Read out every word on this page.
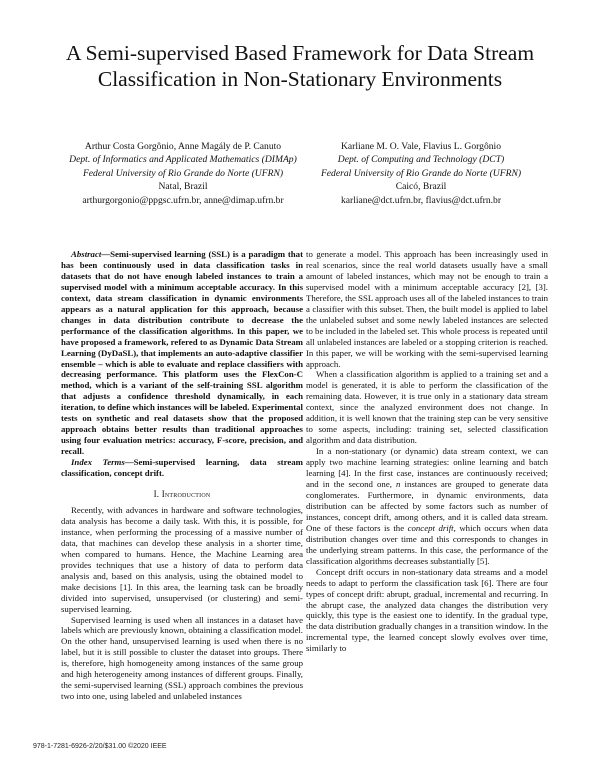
A Semi-supervised Based Framework for Data Stream Classification in Non-Stationary Environments
Arthur Costa Gorgônio, Anne Magály de P. Canuto
Dept. of Informatics and Applicated Mathematics (DIMAp)
Federal University of Rio Grande do Norte (UFRN)
Natal, Brazil
arthurgorgonio@ppgsc.ufrn.br, anne@dimap.ufrn.br
Karliane M. O. Vale, Flavius L. Gorgônio
Dept. of Computing and Technology (DCT)
Federal University of Rio Grande do Norte (UFRN)
Caicó, Brazil
karliane@dct.ufrn.br, flavius@dct.ufrn.br

Abstract—Semi-supervised learning (SSL) is a paradigm that has been continuously used in data classification tasks in datasets that do not have enough labeled instances to train a supervised model with a minimum acceptable accuracy. In this context, data stream classification in dynamic environments appears as a natural application for this approach, because changes in data distribution contribute to decrease the performance of the classification algorithms. In this paper, we have proposed a framework, refered to as Dynamic Data Stream Learning (DyDaSL), that implements an auto-adaptive classifier ensemble – which is able to evaluate and replace classifiers with decreasing performance. This platform uses the FlexCon-C method, which is a variant of the self-training SSL algorithm that adjusts a confidence threshold dynamically, in each iteration, to define which instances will be labeled. Experimental tests on synthetic and real datasets show that the proposed approach obtains better results than traditional approaches using four evaluation metrics: accuracy, F-score, precision, and recall.

Index Terms—Semi-supervised learning, data stream classification, concept drift.

I. Introduction

Recently, with advances in hardware and software technologies, data analysis has become a daily task. With this, it is possible, for instance, when performing the processing of a massive number of data, that machines can develop these analysis in a shorter time, when compared to humans. Hence, the Machine Learning area provides techniques that use a history of data to perform data analysis and, based on this analysis, using the obtained model to make decisions [1]. In this area, the learning task can be broadly divided into supervised, unsupervised (or clustering) and semi-supervised learning.

Supervised learning is used when all instances in a dataset have labels which are previously known, obtaining a classification model. On the other hand, unsupervised learning is used when there is no label, but it is still possible to cluster the dataset into groups. There is, therefore, high homogeneity among instances of the same group and high heterogeneity among instances of different groups. Finally, the semi-supervised learning (SSL) approach combines the previous two into one, using labeled and unlabeled instances

to generate a model. This approach has been increasingly used in real scenarios, since the real world datasets usually have a small amount of labeled instances, which may not be enough to train a supervised model with a minimum acceptable accuracy [2], [3]. Therefore, the SSL approach uses all of the labeled instances to train a classifier with this subset. Then, the built model is applied to label the unlabeled subset and some newly labeled instances are selected to be included in the labeled set. This whole process is repeated until all unlabeled instances are labeled or a stopping criterion is reached. In this paper, we will be working with the semi-supervised learning approach.

When a classification algorithm is applied to a training set and a model is generated, it is able to perform the classification of the remaining data. However, it is true only in a stationary data stream context, since the analyzed environment does not change. In addition, it is well known that the training step can be very sensitive to some aspects, including: training set, selected classification algorithm and data distribution.

In a non-stationary (or dynamic) data stream context, we can apply two machine learning strategies: online learning and batch learning [4]. In the first case, instances are continuously received; and in the second one, n instances are grouped to generate data conglomerates. Furthermore, in dynamic environments, data distribution can be affected by some factors such as number of instances, concept drift, among others, and it is called data stream. One of these factors is the concept drift, which occurs when data distribution changes over time and this corresponds to changes in the underlying stream patterns. In this case, the performance of the classification algorithms decreases substantially [5].

Concept drift occurs in non-stationary data streams and a model needs to adapt to perform the classification task [6]. There are four types of concept drift: abrupt, gradual, incremental and recurring. In the abrupt case, the analyzed data changes the distribution very quickly, this type is the easiest one to identify. In the gradual type, the data distribution gradually changes in a transition window. In the incremental type, the learned concept slowly evolves over time, similarly to

978-1-7281-6926-2/20/$31.00 ©2020 IEEE
